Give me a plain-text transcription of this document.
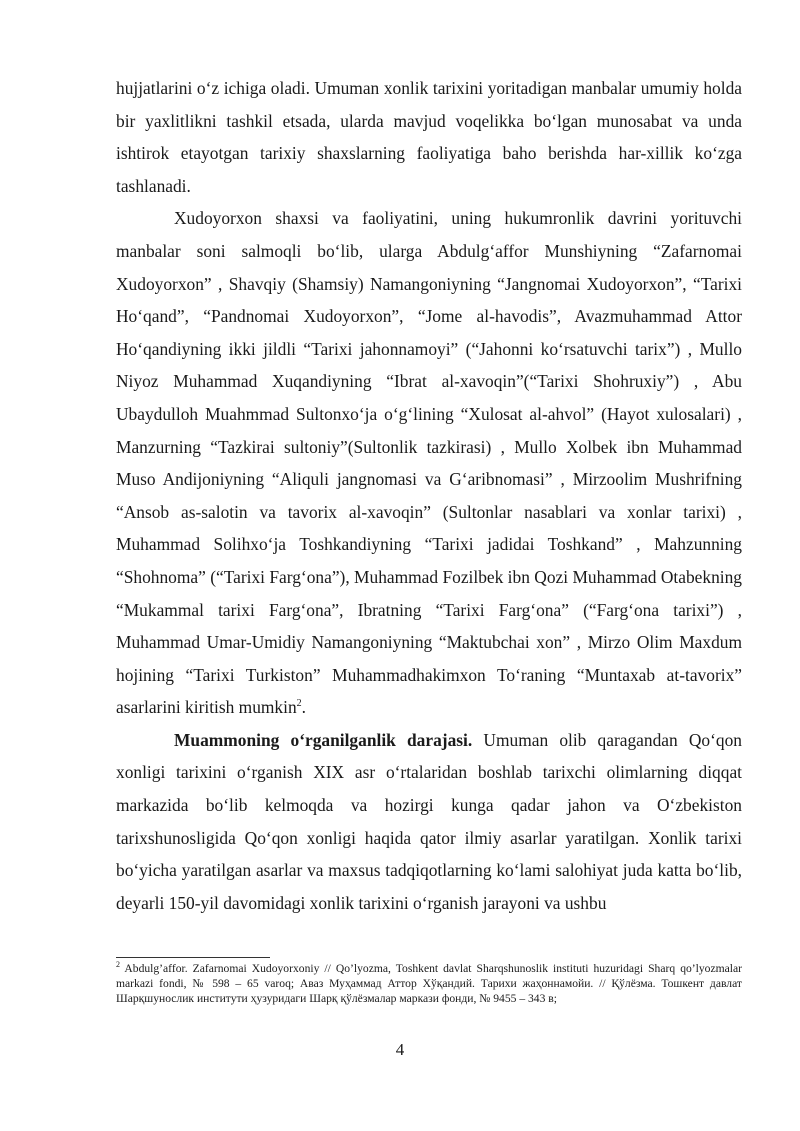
hujjatlarini o‘z ichiga oladi. Umuman xonlik tarixini yoritadigan manbalar umumiy holda bir yaxlitlikni tashkil etsada, ularda mavjud voqelikka bo‘lgan munosabat va unda ishtirok etayotgan tarixiy shaxslarning faoliyatiga baho berishda har-xillik ko‘zga tashlanadi.

Xudoyorxon shaxsi va faoliyatini, uning hukumronlik davrini yorituvchi manbalar soni salmoqli bo‘lib, ularga Abdulg‘affor Munshiyning “Zafarnomai Xudoyorxon” , Shavqiy (Shamsiy) Namangoniyning “Jangnomai Xudoyorxon”, “Tarixi Ho‘qand”, “Pandnomai Xudoyorxon”, “Jome al-havodis”, Avazmuhammad Attor Ho‘qandiyning ikki jildli “Tarixi jahonnamoyi” (“Jahonni ko‘rsatuvchi tarix”) , Mullo Niyoz Muhammad Xuqandiyning “Ibrat al-xavoqin”(“Tarixi Shohruxiy”) , Abu Ubaydulloh Muahmmad Sultonxo‘ja o‘g‘lining “Xulosat al-ahvol” (Hayot xulosalari) , Manzurning “Tazkirai sultoniy”(Sultonlik tazkirasi) , Mullo Xolbek ibn Muhammad Muso Andijoniyning “Aliquli jangnomasi va G‘aribnomasi” , Mirzoolim Mushrifning “Ansob as-salotin va tavorix al-xavoqin” (Sultonlar nasablari va xonlar tarixi) , Muhammad Solihxo‘ja Toshkandiyning “Tarixi jadidai Toshkand” , Mahzunning “Shohnoma” (“Tarixi Farg‘ona”), Muhammad Fozilbek ibn Qozi Muhammad Otabekning “Mukammal tarixi Farg‘ona”, Ibratning “Tarixi Farg‘ona” (“Farg‘ona tarixi”) , Muhammad Umar-Umidiy Namangoniyning “Maktubchai xon” , Mirzo Olim Maxdum hojining “Tarixi Turkiston” Muhammadhakimxon To‘raning “Muntaxab at-tavorix” asarlarini kiritish mumkin$^2$.

Muammoning o‘rganilganlik darajasi. Umuman olib qaragandan Qo‘qon xonligi tarixini o‘rganish XIX asr o‘rtalaridan boshlab tarixchi olimlarning diqqat markazida bo‘lib kelmoqda va hozirgi kunga qadar jahon va O‘zbekiston tarixshunosligida Qo‘qon xonligi haqida qator ilmiy asarlar yaratilgan. Xonlik tarixi bo‘yicha yaratilgan asarlar va maxsus tadqiqotlarning ko‘lami salohiyat juda katta bo‘lib, deyarli 150-yil davomidagi xonlik tarixini o‘rganish jarayoni va ushbu

$^2$ Abdulg’affor. Zafarnomai Xudoyorxoniy // Qo’lyozma, Toshkent davlat Sharqshunoslik instituti huzuridagi Sharq qo’lyozmalar markazi fondi, № 598 – 65 varoq; Аваз Муҳаммад Аттор Хўқандий. Тарихи жаҳоннамойи. // Қўлёзма. Тошкент давлат Шарқшунослик институти ҳузуридаги Шарқ қўлёзмалар маркази фонди, № 9455 – 343 в;

4
